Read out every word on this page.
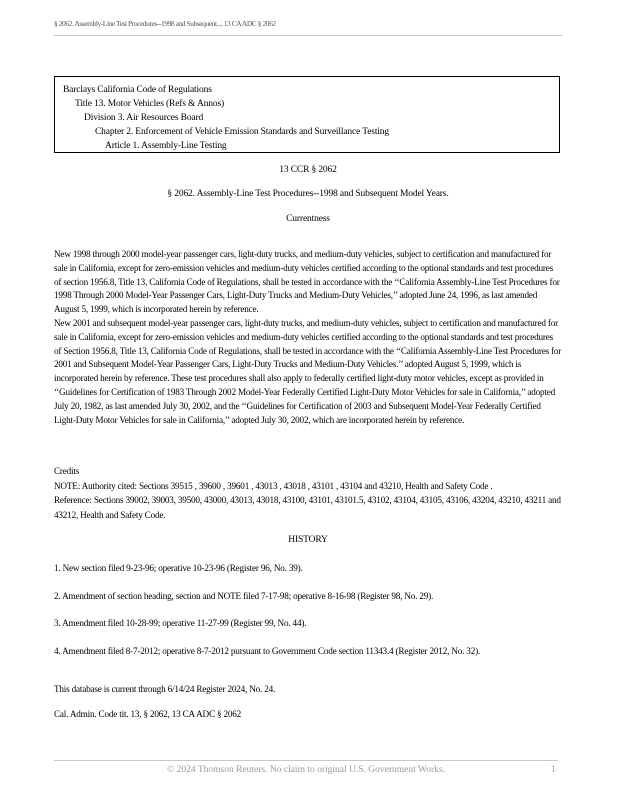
§ 2062. Assembly-Line Test Procedures--1998 and Subsequent..., 13 CA ADC § 2062
Barclays California Code of Regulations
Title 13. Motor Vehicles (Refs & Annos)
Division 3. Air Resources Board
Chapter 2. Enforcement of Vehicle Emission Standards and Surveillance Testing
Article 1. Assembly-Line Testing
13 CCR § 2062
§ 2062. Assembly-Line Test Procedures--1998 and Subsequent Model Years.
Currentness
New 1998 through 2000 model-year passenger cars, light-duty trucks, and medium-duty vehicles, subject to certification and manufactured for sale in California, except for zero-emission vehicles and medium-duty vehicles certified according to the optional standards and test procedures of section 1956.8, Title 13, California Code of Regulations, shall be tested in accordance with the ‘‘California Assembly-Line Test Procedures for 1998 Through 2000 Model-Year Passenger Cars, Light-Duty Trucks and Medium-Duty Vehicles,’’ adopted June 24, 1996, as last amended August 5, 1999, which is incorporated herein by reference.
New 2001 and subsequent model-year passenger cars, light-duty trucks, and medium-duty vehicles, subject to certification and manufactured for sale in California, except for zero-emission vehicles and medium-duty vehicles certified according to the optional standards and test procedures of Section 1956.8, Title 13, California Code of Regulations, shall be tested in accordance with the ‘‘California Assembly-Line Test Procedures for 2001 and Subsequent Model-Year Passenger Cars, Light-Duty Trucks and Medium-Duty Vehicles.’’ adopted August 5, 1999, which is incorporated herein by reference. These test procedures shall also apply to federally certified light-duty motor vehicles, except as provided in ‘‘Guidelines for Certification of 1983 Through 2002 Model-Year Federally Certified Light-Duty Motor Vehicles for sale in California,’’ adopted July 20, 1982, as last amended July 30, 2002, and the ‘‘Guidelines for Certification of 2003 and Subsequent Model-Year Federally Certified Light-Duty Motor Vehicles for sale in California,’’ adopted July 30, 2002, which are incorporated herein by reference.
Credits
NOTE: Authority cited: Sections 39515 , 39600 , 39601 , 43013 , 43018 , 43101 , 43104 and 43210, Health and Safety Code .
Reference: Sections 39002, 39003, 39500, 43000, 43013, 43018, 43100, 43101, 43101.5, 43102, 43104, 43105, 43106, 43204, 43210, 43211 and 43212, Health and Safety Code.
HISTORY
1. New section filed 9-23-96; operative 10-23-96 (Register 96, No. 39).
2. Amendment of section heading, section and NOTE filed 7-17-98; operative 8-16-98 (Register 98, No. 29).
3. Amendment filed 10-28-99; operative 11-27-99 (Register 99, No. 44).
4. Amendment filed 8-7-2012; operative 8-7-2012 pursuant to Government Code section 11343.4 (Register 2012, No. 32).
This database is current through 6/14/24 Register 2024, No. 24.
Cal. Admin. Code tit. 13, § 2062, 13 CA ADC § 2062
© 2024 Thomson Reuters. No claim to original U.S. Government Works.	1
